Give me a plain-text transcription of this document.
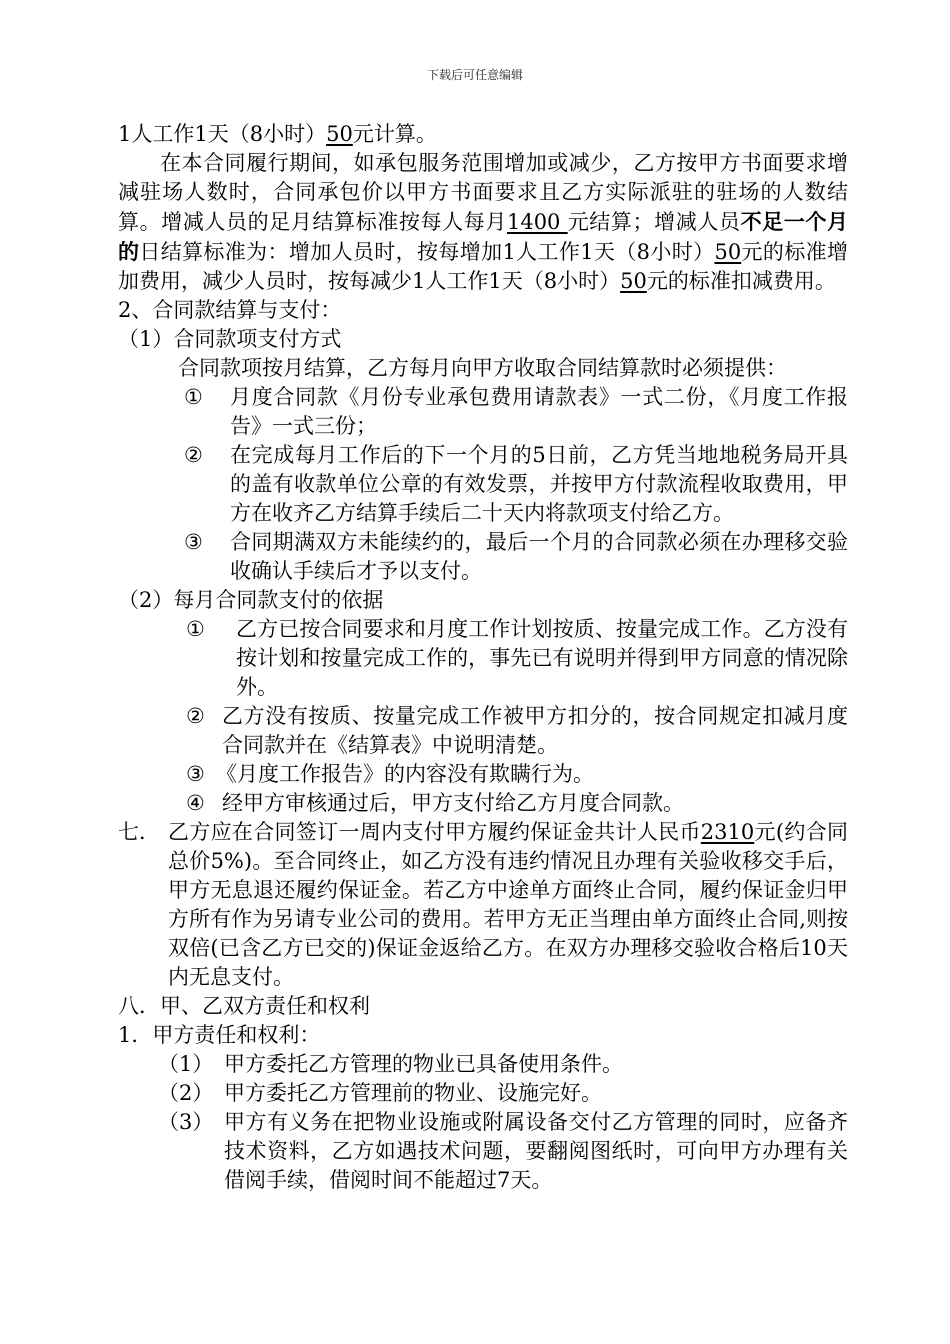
下载后可任意编辑

1人工作1天（8小时）50元计算。

在本合同履行期间，如承包服务范围增加或减少，乙方按甲方书面要求增减驻场人数时，合同承包价以甲方书面要求且乙方实际派驻的驻场的人数结算。增减人员的足月结算标准按每人每月1400 元结算；增减人员不足一个月的日结算标准为：增加人员时，按每增加1人工作1天（8小时）50元的标准增加费用，减少人员时，按每减少1人工作1天（8小时）50元的标准扣减费用。

2、合同款结算与支付：

（1）合同款项支付方式

合同款项按月结算，乙方每月向甲方收取合同结算款时必须提供：

①	月度合同款《月份专业承包费用请款表》一式二份，《月度工作报告》一式三份；
②	在完成每月工作后的下一个月的5日前，乙方凭当地地税务局开具的盖有收款单位公章的有效发票，并按甲方付款流程收取费用，甲方在收齐乙方结算手续后二十天内将款项支付给乙方。
③	合同期满双方未能续约的，最后一个月的合同款必须在办理移交验收确认手续后才予以支付。

（2）每月合同款支付的依据

①	乙方已按合同要求和月度工作计划按质、按量完成工作。乙方没有按计划和按量完成工作的，事先已有说明并得到甲方同意的情况除外。
② 乙方没有按质、按量完成工作被甲方扣分的，按合同规定扣减月度合同款并在《结算表》中说明清楚。
③ 《月度工作报告》的内容没有欺瞒行为。
④ 经甲方审核通过后，甲方支付给乙方月度合同款。
七． 乙方应在合同签订一周内支付甲方履约保证金共计人民币2310元(约合同总价5%)。至合同终止，如乙方没有违约情况且办理有关验收移交手后，甲方无息退还履约保证金。若乙方中途单方面终止合同，履约保证金归甲方所有作为另请专业公司的费用。若甲方无正当理由单方面终止合同,则按双倍(已含乙方已交的)保证金返给乙方。在双方办理移交验收合格后10天内无息支付。

八．甲、乙双方责任和权利

1．甲方责任和权利：

（1） 甲方委托乙方管理的物业已具备使用条件。
（2） 甲方委托乙方管理前的物业、设施完好。
（3） 甲方有义务在把物业设施或附属设备交付乙方管理的同时，应备齐技术资料，乙方如遇技术问题，要翻阅图纸时，可向甲方办理有关借阅手续，借阅时间不能超过7天。
